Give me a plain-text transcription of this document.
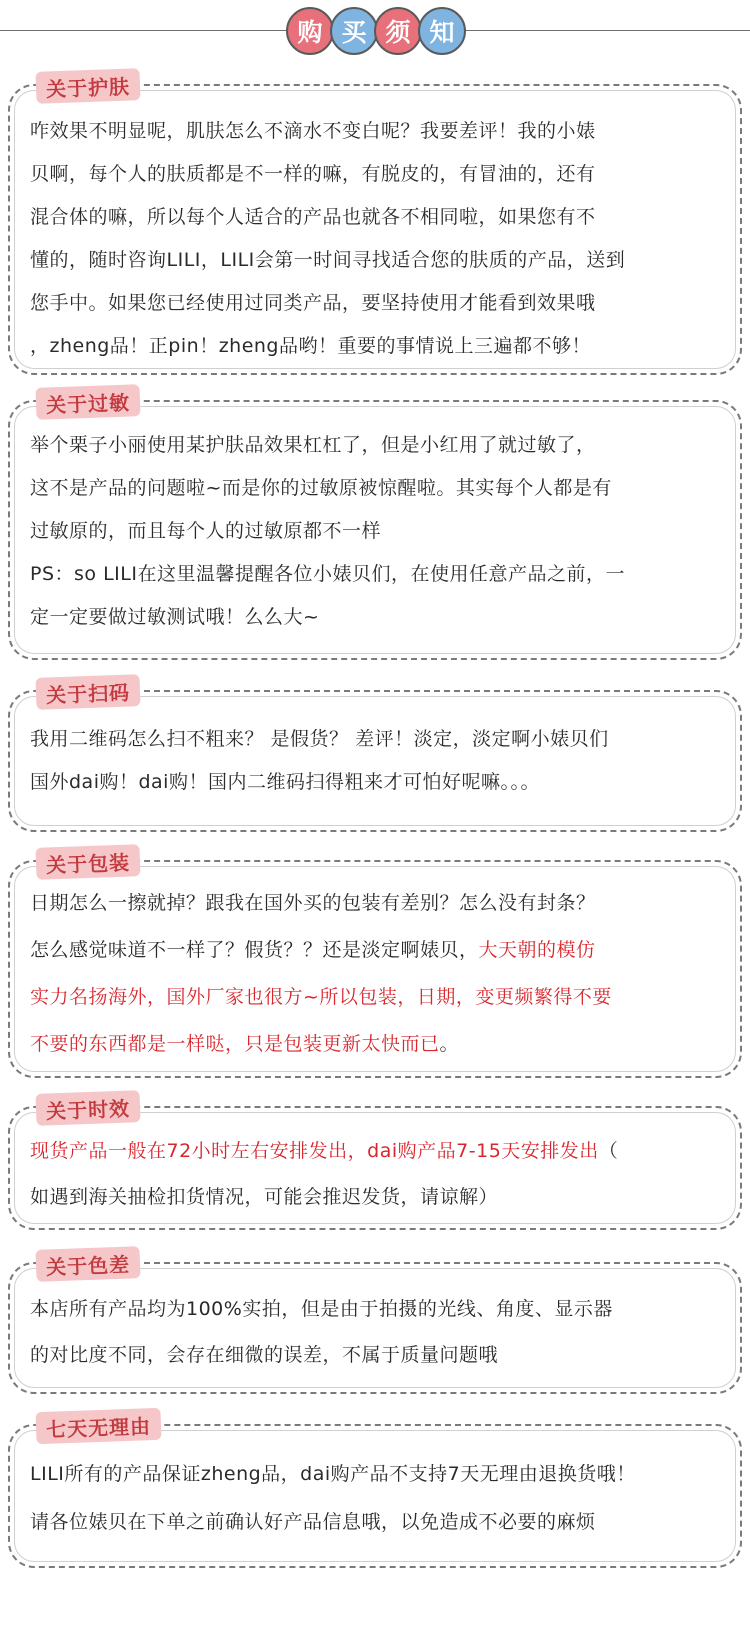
购 买 须 知
关于护肤
咋效果不明显呢，肌肤怎么不滴水不变白呢？我要差评！我的小婊
贝啊，每个人的肤质都是不一样的嘛，有脱皮的，有冒油的，还有
混合体的嘛，所以每个人适合的产品也就各不相同啦，如果您有不
懂的，随时咨询LILI，LILI会第一时间寻找适合您的肤质的产品，送到
您手中。如果您已经使用过同类产品，要坚持使用才能看到效果哦
，zheng品！正pin！zheng品哟！重要的事情说上三遍都不够！
关于过敏
举个栗子小丽使用某护肤品效果杠杠了，但是小红用了就过敏了，
这不是产品的问题啦~而是你的过敏原被惊醒啦。其实每个人都是有
过敏原的，而且每个人的过敏原都不一样
PS：so LILI在这里温馨提醒各位小婊贝们，在使用任意产品之前，一
定一定要做过敏测试哦！么么大~
关于扫码
我用二维码怎么扫不粗来？ 是假货？ 差评！淡定，淡定啊小婊贝们
国外dai购！dai购！国内二维码扫得粗来才可怕好呢嘛。。。
关于包装
日期怎么一擦就掉？跟我在国外买的包装有差别？怎么没有封条？
怎么感觉味道不一样了？假货？？还是淡定啊婊贝，大天朝的模仿
实力名扬海外，国外厂家也很方~所以包装，日期，变更频繁得不要
不要的东西都是一样哒，只是包装更新太快而已。
关于时效
现货产品一般在72小时左右安排发出，dai购产品7-15天安排发出（
如遇到海关抽检扣货情况，可能会推迟发货，请谅解）
关于色差
本店所有产品均为100%实拍，但是由于拍摄的光线、角度、显示器
的对比度不同，会存在细微的误差，不属于质量问题哦
七天无理由
LILI所有的产品保证zheng品，dai购产品不支持7天无理由退换货哦！
请各位婊贝在下单之前确认好产品信息哦，以免造成不必要的麻烦
